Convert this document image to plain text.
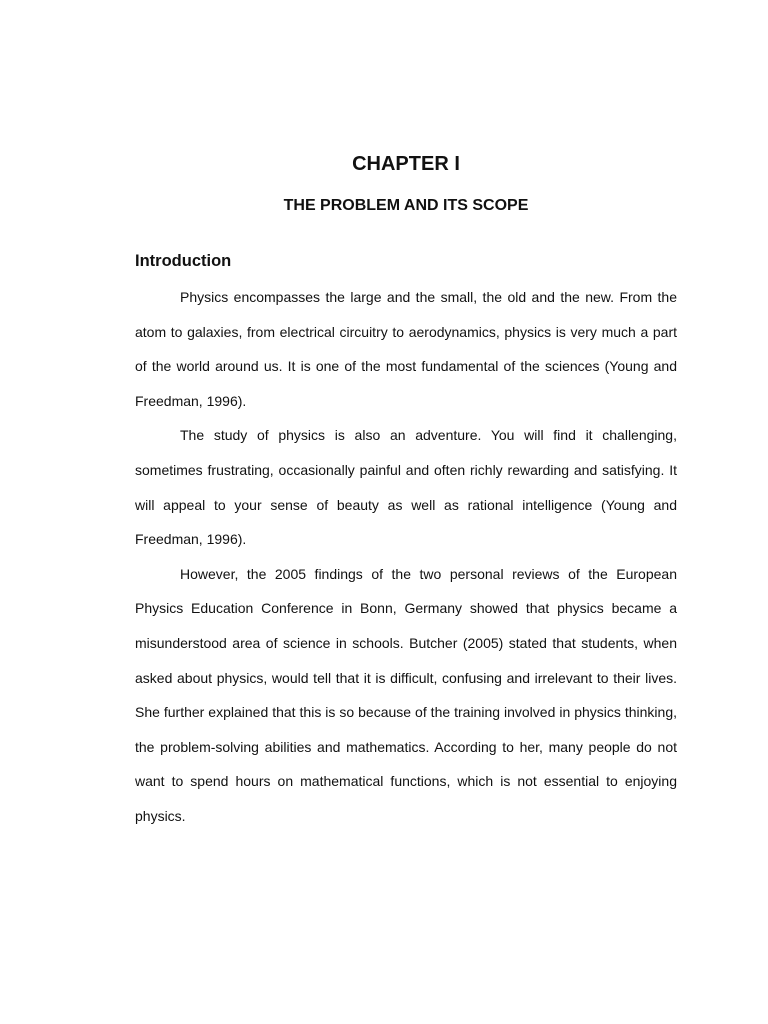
CHAPTER I
THE PROBLEM AND ITS SCOPE
Introduction

Physics encompasses the large and the small, the old and the new. From the atom to galaxies, from electrical circuitry to aerodynamics, physics is very much a part of the world around us. It is one of the most fundamental of the sciences (Young and Freedman, 1996).

The study of physics is also an adventure. You will find it challenging, sometimes frustrating, occasionally painful and often richly rewarding and satisfying. It will appeal to your sense of beauty as well as rational intelligence (Young and Freedman, 1996).

However, the 2005 findings of the two personal reviews of the European Physics Education Conference in Bonn, Germany showed that physics became a misunderstood area of science in schools. Butcher (2005) stated that students, when asked about physics, would tell that it is difficult, confusing and irrelevant to their lives. She further explained that this is so because of the training involved in physics thinking, the problem-solving abilities and mathematics. According to her, many people do not want to spend hours on mathematical functions, which is not essential to enjoying physics.
